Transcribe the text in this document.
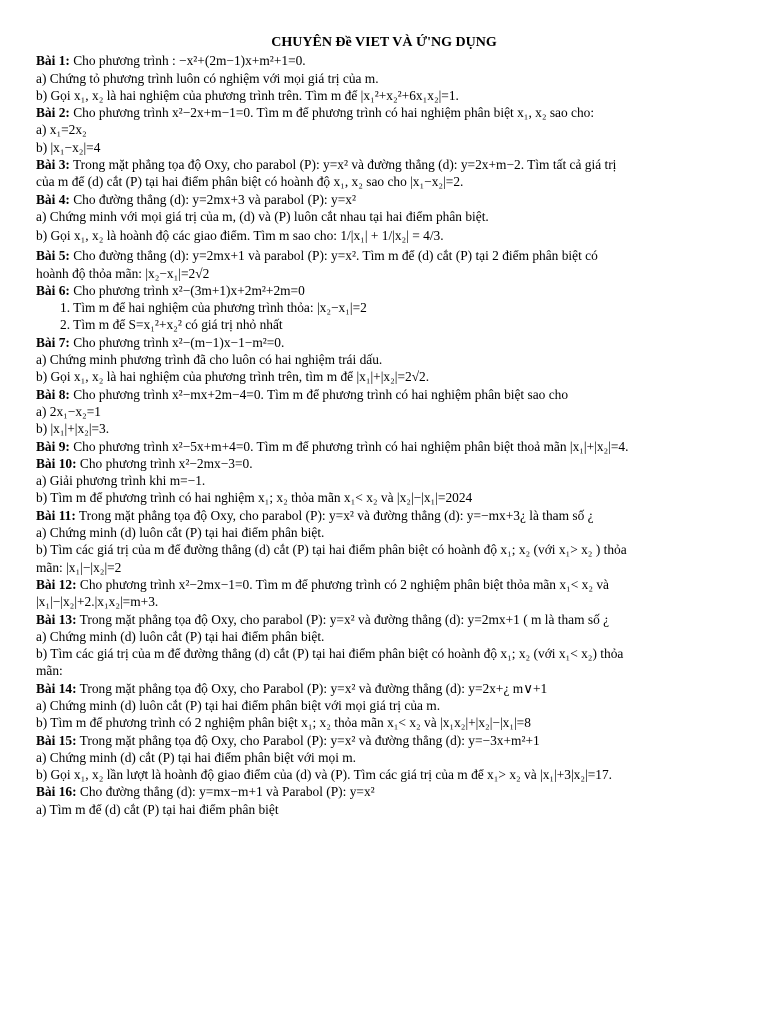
CHUYÊN Đề VIET VÀ Ứ'NG DỤNG
Bài 1: Cho phương trình : −x²+(2m−1)x+m²+1=0.
a) Chứng tỏ phương trình luôn có nghiệm với mọi giá trị của m.
b) Gọi x₁, x₂ là hai nghiệm của phương trình trên. Tìm m để |x₁²+x₂²+6x₁x₂|=1.
Bài 2: Cho phương trình x²−2x+m−1=0. Tìm m để phương trình có hai nghiệm phân biệt x₁, x₂ sao cho:
a) x₁=2x₂
b) |x₁−x₂|=4
Bài 3: Trong mặt phẳng tọa độ Oxy, cho parabol (P): y=x² và đường thẳng (d): y=2x+m−2. Tìm tất cả giá trị
của m để (d) cắt (P) tại hai điểm phân biệt có hoành độ x₁, x₂ sao cho |x₁−x₂|=2.
Bài 4: Cho đường thẳng (d): y=2mx+3 và parabol (P): y=x²
a) Chứng minh với mọi giá trị của m, (d) và (P) luôn cắt nhau tại hai điểm phân biệt.
b) Gọi x₁, x₂ là hoành độ các giao điểm. Tìm m sao cho: 1/|x₁| + 1/|x₂| = 4/3.
Bài 5: Cho đường thẳng (d): y=2mx+1 và parabol (P): y=x². Tìm m để (d) cắt (P) tại 2 điểm phân biệt có
hoành độ thỏa mãn: |x₂−x₁|=2√2
Bài 6: Cho phương trình x²−(3m+1)x+2m²+2m=0
1. Tìm m để hai nghiệm của phương trình thỏa: |x₂−x₁|=2
2. Tìm m để S=x₁²+x₂² có giá trị nhỏ nhất
Bài 7: Cho phương trình x²−(m−1)x−1−m²=0.
a) Chứng minh phương trình đã cho luôn có hai nghiệm trái dấu.
b) Gọi x₁, x₂ là hai nghiệm của phương trình trên, tìm m để |x₁|+|x₂|=2√2.
Bài 8: Cho phương trình x²−mx+2m−4=0. Tìm m để phương trình có hai nghiệm phân biệt sao cho
a) 2x₁−x₂=1
b) |x₁|+|x₂|=3.
Bài 9: Cho phương trình x²−5x+m+4=0. Tìm m để phương trình có hai nghiệm phân biệt thoả mãn |x₁|+|x₂|=4.
Bài 10: Cho phương trình x²−2mx−3=0.
a) Giải phương trình khi m=−1.
b) Tìm m để phương trình có hai nghiệm x₁; x₂ thỏa mãn x₁< x₂ và |x₂|−|x₁|=2024
Bài 11: Trong mặt phẳng tọa độ Oxy, cho parabol (P): y=x² và đường thẳng (d): y=−mx+3¿ là tham số ¿
a) Chứng minh (d) luôn cắt (P) tại hai điểm phân biệt.
b) Tìm các giá trị của m để đường thẳng (d) cắt (P) tại hai điểm phân biệt có hoành độ x₁; x₂ (với x₁> x₂ ) thỏa
mãn: |x₁|−|x₂|=2
Bài 12: Cho phương trình x²−2mx−1=0. Tìm m để phương trình có 2 nghiệm phân biệt thỏa mãn x₁< x₂ và
|x₁|−|x₂|+2.|x₁x₂|=m+3.
Bài 13: Trong mặt phẳng tọa độ Oxy, cho parabol (P): y=x² và đường thẳng (d): y=2mx+1 ( m là tham số ¿
a) Chứng minh (d) luôn cắt (P) tại hai điểm phân biệt.
b) Tìm các giá trị của m để đường thẳng (d) cắt (P) tại hai điểm phân biệt có hoành độ x₁; x₂ (với x₁< x₂) thỏa
mãn:
Bài 14: Trong mặt phẳng tọa độ Oxy, cho Parabol (P): y=x² và đường thẳng (d): y=2x+¿ m∨+1
a) Chứng minh (d) luôn cắt (P) tại hai điểm phân biệt với mọi giá trị của m.
b) Tìm m để phương trình có 2 nghiệm phân biệt x₁; x₂ thỏa mãn x₁< x₂ và |x₁x₂|+|x₂|−|x₁|=8
Bài 15: Trong mặt phẳng tọa độ Oxy, cho Parabol (P): y=x² và đường thẳng (d): y=−3x+m²+1
a) Chứng minh (d) cắt (P) tại hai điểm phân biệt với mọi m.
b) Gọi x₁, x₂ lần lượt là hoành độ giao điểm của (d) và (P). Tìm các giá trị của m để x₁> x₂ và |x₁|+3|x₂|=17.
Bài 16: Cho đường thẳng (d): y=mx−m+1 và Parabol (P): y=x²
a) Tìm m để (d) cắt (P) tại hai điểm phân biệt
